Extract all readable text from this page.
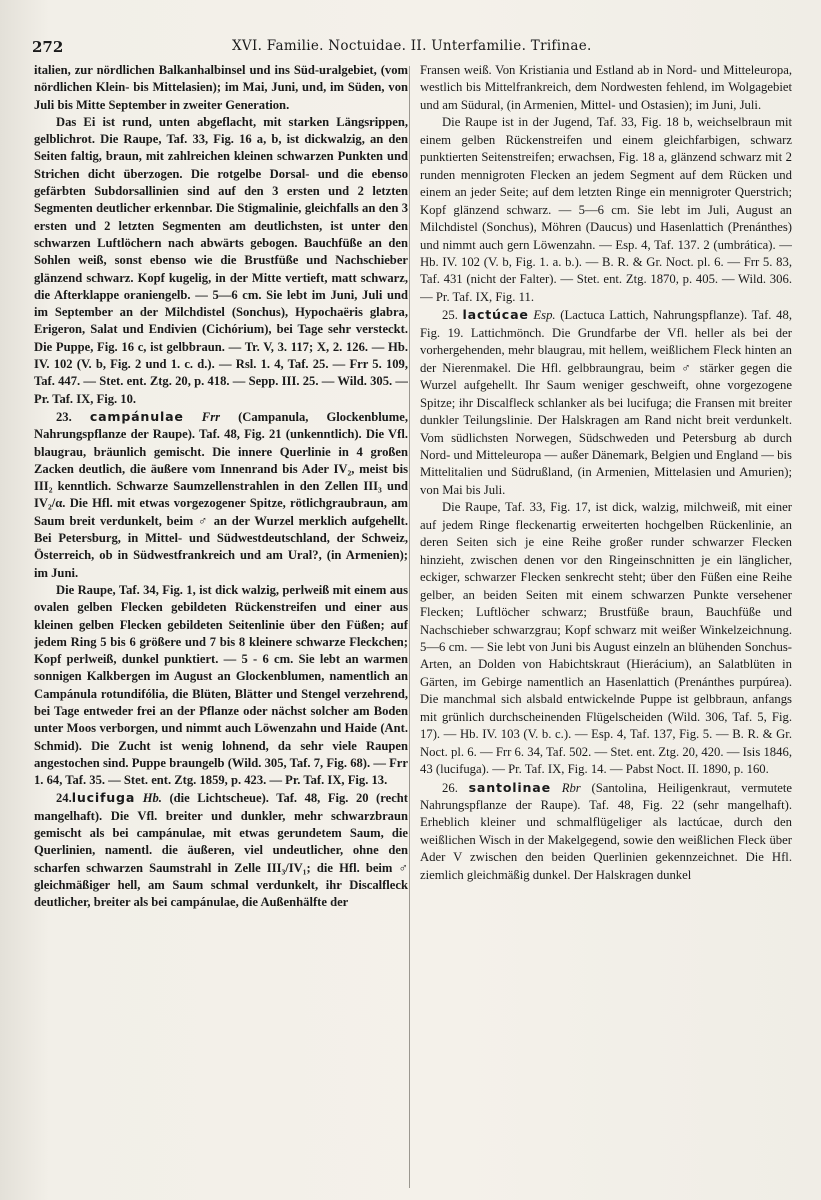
272	XVI. Familie. Noctuidae. II. Unterfamilie. Trifinae.

italien, zur nördlichen Balkanhalbinsel und ins Süd-uralgebiet, (vom nördlichen Klein- bis Mittelasien); im Mai, Juni, und, im Süden, von Juli bis Mitte September in zweiter Generation.

Das Ei ist rund, unten abgeflacht, mit starken Längsrippen, gelblichrot. Die Raupe, Taf. 33, Fig. 16 a, b, ist dickwalzig, an den Seiten faltig, braun, mit zahlreichen kleinen schwarzen Punkten und Strichen dicht überzogen. Die rotgelbe Dorsal- und die ebenso gefärbten Subdorsallinien sind auf den 3 ersten und 2 letzten Segmenten deutlicher erkennbar. Die Stigmalinie, gleichfalls an den 3 ersten und 2 letzten Segmenten am deutlichsten, ist unter den schwarzen Luftlöchern nach abwärts gebogen. Bauchfüße an den Sohlen weiß, sonst ebenso wie die Brustfüße und Nachschieber glänzend schwarz. Kopf kugelig, in der Mitte vertieft, matt schwarz, die Afterklappe oraniengelb. — 5—6 cm. Sie lebt im Juni, Juli und im September an der Milchdistel (Sonchus), Hypochaëris glabra, Erigeron, Salat und Endivien (Cichórium), bei Tage sehr versteckt. Die Puppe, Fig. 16 c, ist gelbbraun. — Tr. V, 3. 117; X, 2. 126. — Hb. IV. 102 (V. b, Fig. 2 und 1. c. d.). — Rsl. 1. 4, Taf. 25. — Frr 5. 109, Taf. 447. — Stet. ent. Ztg. 20, p. 418. — Sepp. III. 25. — Wild. 305. — Pr. Taf. IX, Fig. 10.

23. campánulae Frr (Campanula, Glockenblume, Nahrungspflanze der Raupe). Taf. 48, Fig. 21 (unkenntlich). Die Vfl. blaugrau, bräunlich gemischt. Die innere Querlinie in 4 großen Zacken deutlich, die äußere vom Innenrand bis Ader IV₂, meist bis III₂ kenntlich. Schwarze Saumzellenstrahlen in den Zellen III₃ und IV₂/α. Die Hfl. mit etwas vorgezogener Spitze, rötlichgraubraun, am Saum breit verdunkelt, beim ♂ an der Wurzel merklich aufgehellt. Bei Petersburg, in Mittel- und Südwestdeutschland, der Schweiz, Österreich, ob in Südwestfrankreich und am Ural?, (in Armenien); im Juni.

Die Raupe, Taf. 34, Fig. 1, ist dick walzig, perlweiß mit einem aus ovalen gelben Flecken gebildeten Rückenstreifen und einer aus kleinen gelben Flecken gebildeten Seitenlinie über den Füßen; auf jedem Ring 5 bis 6 größere und 7 bis 8 kleinere schwarze Fleckchen; Kopf perlweiß, dunkel punktiert. — 5 - 6 cm. Sie lebt an warmen sonnigen Kalkbergen im August an Glockenblumen, namentlich an Campánula rotundifólia, die Blüten, Blätter und Stengel verzehrend, bei Tage entweder frei an der Pflanze oder nächst solcher am Boden unter Moos verborgen, und nimmt auch Löwenzahn und Haide (Ant. Schmid). Die Zucht ist wenig lohnend, da sehr viele Raupen angestochen sind. Puppe braungelb (Wild. 305, Taf. 7, Fig. 68). — Frr 1. 64, Taf. 35. — Stet. ent. Ztg. 1859, p. 423. — Pr. Taf. IX, Fig. 13.

24.lucifuga Hb. (die Lichtscheue). Taf. 48, Fig. 20 (recht mangelhaft). Die Vfl. breiter und dunkler, mehr schwarzbraun gemischt als bei campánulae, mit etwas gerundetem Saum, die Querlinien, namentl. die äußeren, viel undeutlicher, ohne den scharfen schwarzen Saumstrahl in Zelle III₃/IV₁; die Hfl. beim ♂ gleichmäßiger hell, am Saum schmal verdunkelt, ihr Discalfleck deutlicher, breiter als bei campánulae, die Außenhälfte der

Fransen weiß. Von Kristiania und Estland ab in Nord- und Mitteleuropa, westlich bis Mittelfrankreich, dem Nordwesten fehlend, im Wolgagebiet und am Südural, (in Armenien, Mittel- und Ostasien); im Juni, Juli.

Die Raupe ist in der Jugend, Taf. 33, Fig. 18 b, weichselbraun mit einem gelben Rückenstreifen und einem gleichfarbigen, schwarz punktierten Seitenstreifen; erwachsen, Fig. 18 a, glänzend schwarz mit 2 runden mennigroten Flecken an jedem Segment auf dem Rücken und einem an jeder Seite; auf dem letzten Ringe ein mennigroter Querstrich; Kopf glänzend schwarz. — 5—6 cm. Sie lebt im Juli, August an Milchdistel (Sonchus), Möhren (Daucus) und Hasenlattich (Prenánthes) und nimmt auch gern Löwenzahn. — Esp. 4, Taf. 137. 2 (umbrática). — Hb. IV. 102 (V. b, Fig. 1. a. b.). — B. R. & Gr. Noct. pl. 6. — Frr 5. 83, Taf. 431 (nicht der Falter). — Stet. ent. Ztg. 1870, p. 405. — Wild. 306. — Pr. Taf. IX, Fig. 11.

25. lactúcae Esp. (Lactuca Lattich, Nahrungspflanze). Taf. 48, Fig. 19. Lattichmönch. Die Grundfarbe der Vfl. heller als bei der vorhergehenden, mehr blaugrau, mit hellem, weißlichem Fleck hinten an der Nierenmakel. Die Hfl. gelbbraungrau, beim ♂ stärker gegen die Wurzel aufgehellt. Ihr Saum weniger geschweift, ohne vorgezogene Spitze; ihr Discalfleck schlanker als bei lucifuga; die Fransen mit breiter dunkler Teilungslinie. Der Halskragen am Rand nicht breit verdunkelt. Vom südlichsten Norwegen, Südschweden und Petersburg ab durch Nord- und Mitteleuropa — außer Dänemark, Belgien und England — bis Mittelitalien und Südrußland, (in Armenien, Mittelasien und Amurien); von Mai bis Juli.

Die Raupe, Taf. 33, Fig. 17, ist dick, walzig, milchweiß, mit einer auf jedem Ringe fleckenartig erweiterten hochgelben Rückenlinie, an deren Seiten sich je eine Reihe großer runder schwarzer Flecken hinzieht, zwischen denen vor den Ringeinschnitten je ein länglicher, eckiger, schwarzer Flecken senkrecht steht; über den Füßen eine Reihe gelber, an beiden Seiten mit einem schwarzen Punkte versehener Flecken; Luftlöcher schwarz; Brustfüße braun, Bauchfüße und Nachschieber schwarzgrau; Kopf schwarz mit weißer Winkelzeichnung. 5—6 cm. — Sie lebt von Juni bis August einzeln an blühenden Sonchus-Arten, an Dolden von Habichtskraut (Hierácium), an Salatblüten in Gärten, im Gebirge namentlich an Hasenlattich (Prenánthes purpúrea). Die manchmal sich alsbald entwickelnde Puppe ist gelbbraun, anfangs mit grünlich durchscheinenden Flügelscheiden (Wild. 306, Taf. 5, Fig. 17). — Hb. IV. 103 (V. b. c.). — Esp. 4, Taf. 137, Fig. 5. — B. R. & Gr. Noct. pl. 6. — Frr 6. 34, Taf. 502. — Stet. ent. Ztg. 20, 420. — Isis 1846, 43 (lucifuga). — Pr. Taf. IX, Fig. 14. — Pabst Noct. II. 1890, p. 160.

26. santolinae Rbr (Santolina, Heiligenkraut, vermutete Nahrungspflanze der Raupe). Taf. 48, Fig. 22 (sehr mangelhaft). Erheblich kleiner und schmalflügeliger als lactúcae, durch den weißlichen Wisch in der Makelgegend, sowie den weißlichen Fleck über Ader V zwischen den beiden Querlinien gekennzeichnet. Die Hfl. ziemlich gleichmäßig dunkel. Der Halskragen dunkel
